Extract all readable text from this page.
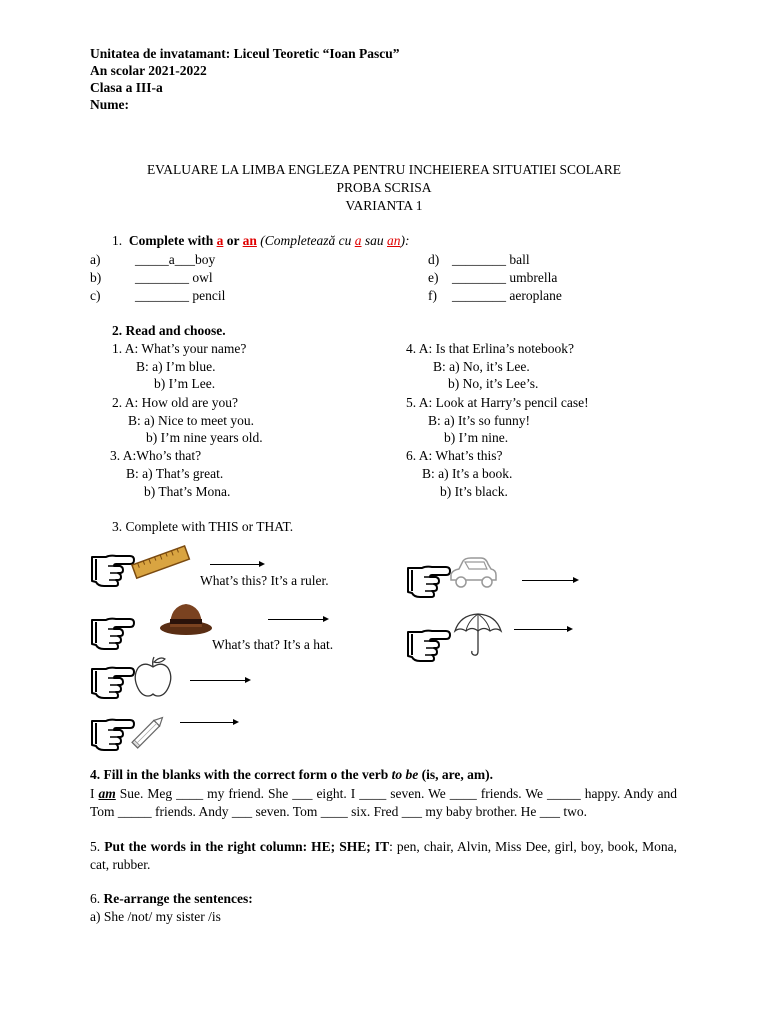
Unitatea de invatamant: Liceul Teoretic “Ioan Pascu”
An scolar 2021-2022
Clasa a III-a
Nume:
EVALUARE LA LIMBA ENGLEZA PENTRU INCHEIEREA SITUATIEI SCOLARE
PROBA SCRISA
VARIANTA 1
1. Complete with a or an (Completează cu a sau an):
a)	_____a___boy
b)	________ owl
c)	________ pencil
d) ________ ball
e) ________ umbrella
f) ________ aeroplane
2. Read and choose.
1. A: What’s your name?
B: a) I’m blue.
b) I’m Lee.
2. A: How old are you?
B: a) Nice to meet you.
b) I’m nine years old.
3. A:Who’s that?
B: a) That’s great.
b) That’s Mona.
4. A: Is that Erlina’s notebook?
B: a) No, it’s Lee.
b) No, it’s Lee’s.
5. A: Look at Harry’s pencil case!
B: a) It’s so funny!
b) I’m nine.
6. A: What’s this?
B: a) It’s a book.
b) It’s black.
3. Complete with THIS or THAT.
What’s this? It’s a ruler.
What’s that? It’s a hat.
4. Fill in the blanks with the correct form o the verb to be (is, are, am).
I am Sue. Meg ____ my friend. She ___ eight. I ____ seven. We ____ friends. We _____ happy. Andy and Tom _____ friends. Andy ___ seven. Tom ____ six. Fred ___ my baby brother. He ___ two.
5. Put the words in the right column: HE; SHE; IT: pen, chair, Alvin, Miss Dee, girl, boy, book, Mona, cat, rubber.
6. Re-arrange the sentences:
a) She /not/ my sister /is
